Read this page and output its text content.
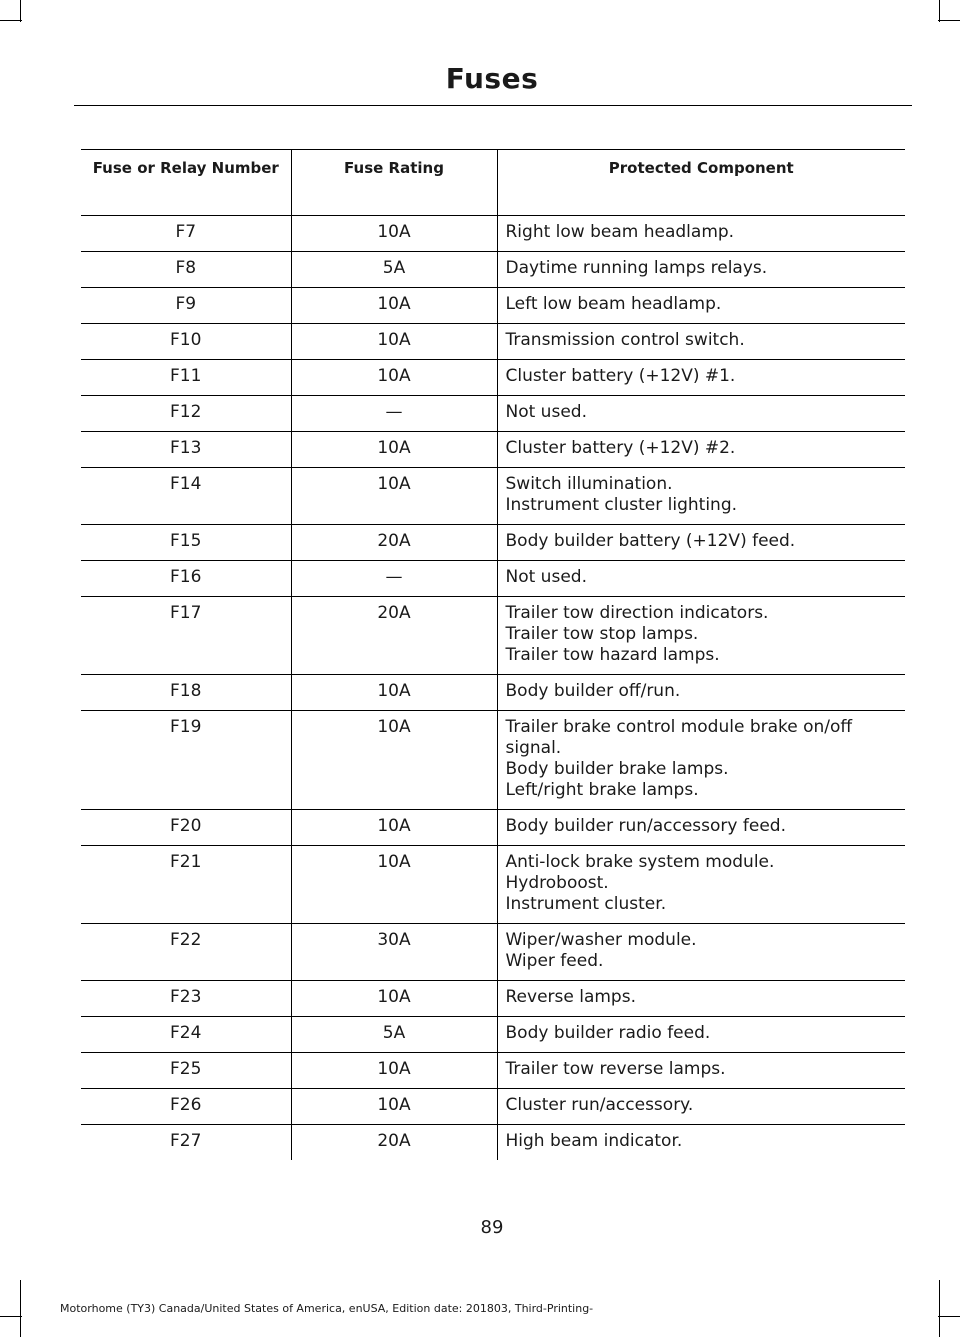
Fuses
Fuse or Relay Number	Fuse Rating	Protected Component
F7	10A	Right low beam headlamp.

F8	5A	Daytime running lamps relays.

F9	10A	Left low beam headlamp.

F10	10A	Transmission control switch.

F11	10A	Cluster battery (+12V) #1.

F12	—	Not used.

F13	10A	Cluster battery (+12V) #2.

F14	10A	Switch illumination.
Instrument cluster lighting.

F15	20A	Body builder battery (+12V) feed.

F16	—	Not used.

F17	20A	Trailer tow direction indicators.
Trailer tow stop lamps.
Trailer tow hazard lamps.

F18	10A	Body builder off/run.

F19	10A	Trailer brake control module brake on/off signal.
Body builder brake lamps.
Left/right brake lamps.

F20	10A	Body builder run/accessory feed.

F21	10A	Anti-lock brake system module.
Hydroboost.
Instrument cluster.

F22	30A	Wiper/washer module.
Wiper feed.

F23	10A	Reverse lamps.

F24	5A	Body builder radio feed.

F25	10A	Trailer tow reverse lamps.

F26	10A	Cluster run/accessory.

F27	20A	High beam indicator.
89
Motorhome (TY3) Canada/United States of America, enUSA, Edition date: 201803, Third-Printing-
